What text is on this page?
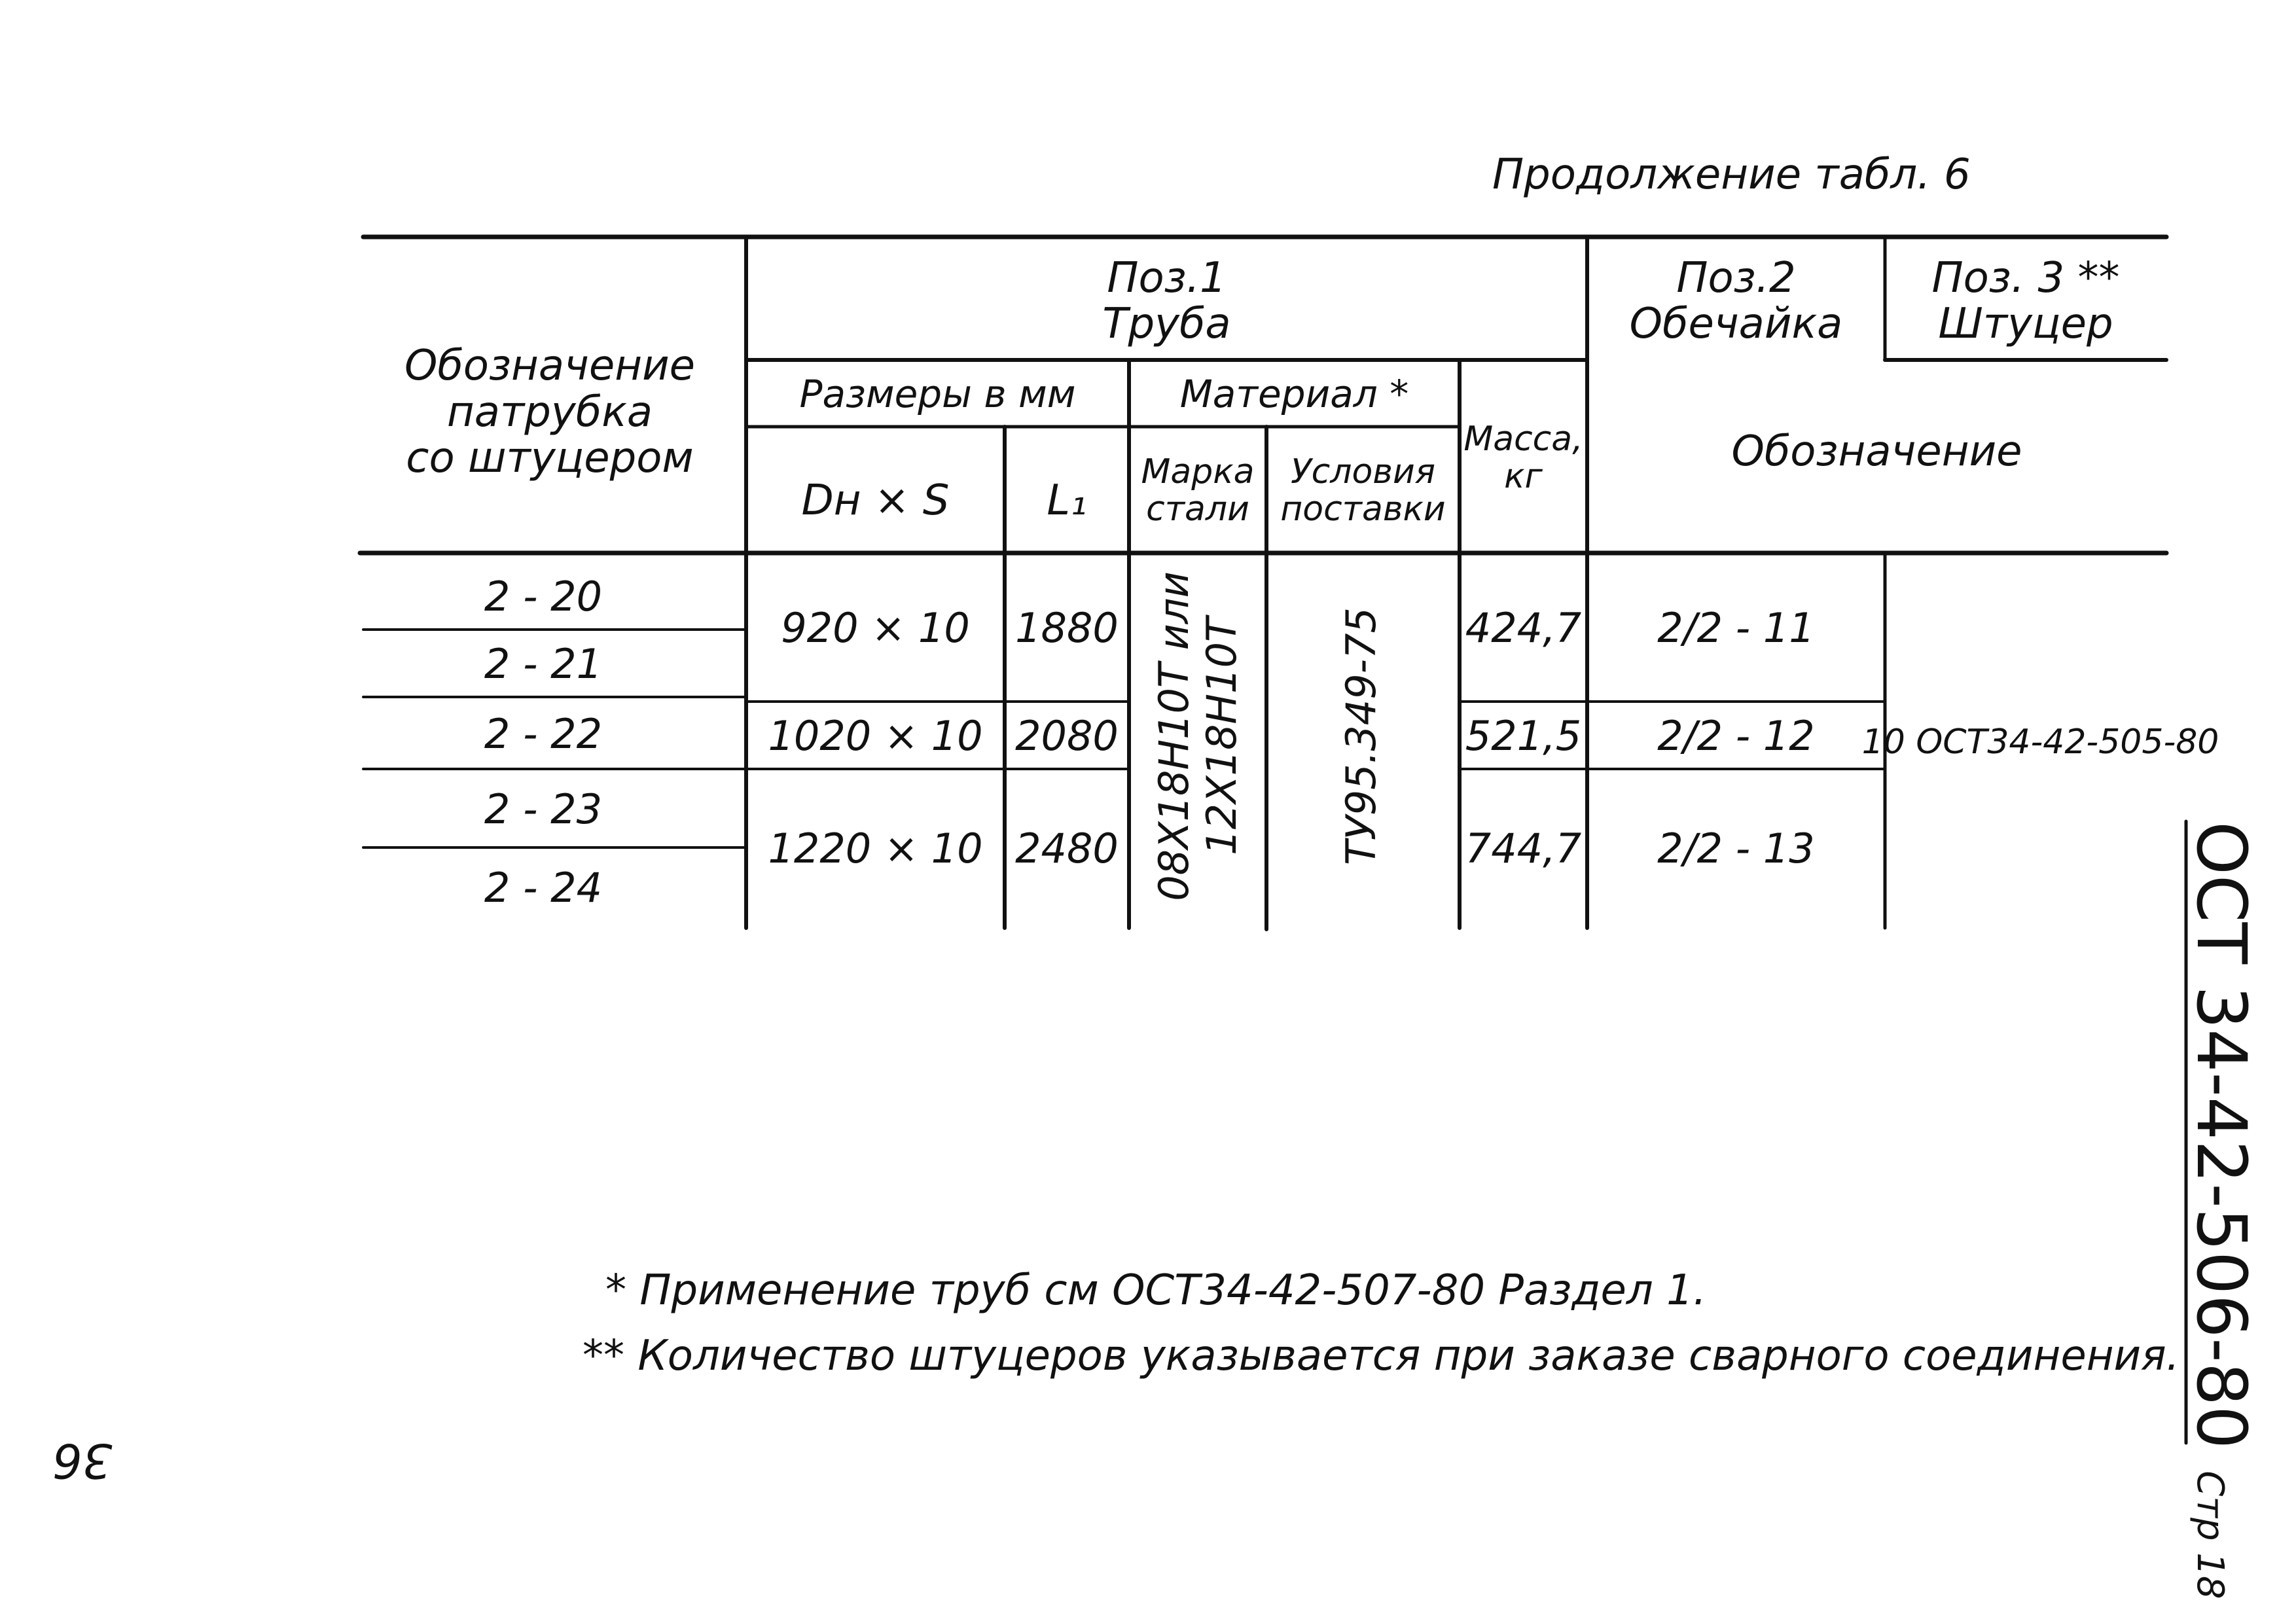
Продолжение табл. 6
Обозначение
патрубка
со штуцером
Поз.1
Труба
Поз.2
Обечайка
Поз. 3 **
Штуцер
Размеры в мм	Материал *
Масса,
кг
Обозначение
Dн × S	L₁
Марка
стали
Условия
поставки
2 - 20
2 - 21
2 - 22
2 - 23
2 - 24
920 × 10
1020 × 10
1220 × 10
1880
2080
2480 08Х18Н10Т или 12Х18Н10Т ТУ95.349-75 424,7
521,5
744,7
2/2 - 11
2/2 - 12
2/2 - 13
10 ОСТ34-42-505-80
* Применение труб см ОСТ34-42-507-80 Раздел 1.
** Количество штуцеров указывается при заказе сварного соединения. ОСТ 34-42-506-80 Стр 18
36
